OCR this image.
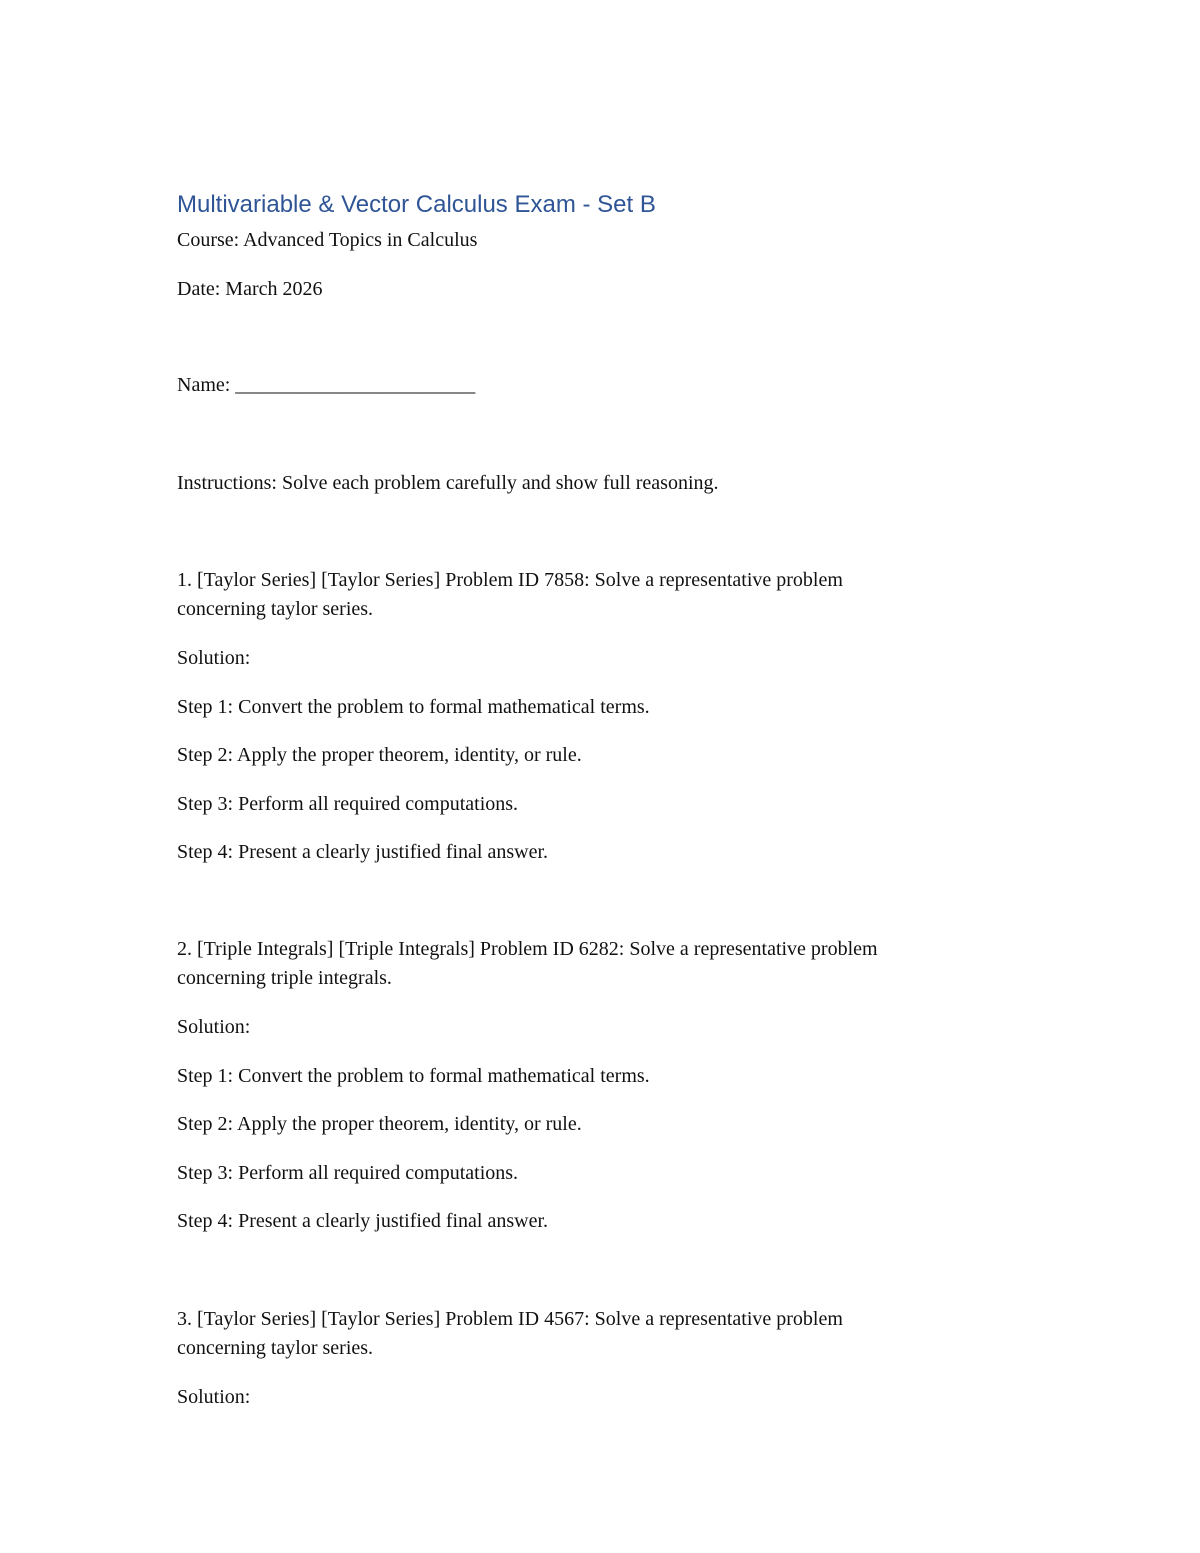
Multivariable & Vector Calculus Exam - Set B

Course: Advanced Topics in Calculus

Date: March 2026

Name: ________________________

Instructions: Solve each problem carefully and show full reasoning.

1. [Taylor Series] [Taylor Series] Problem ID 7858: Solve a representative problem

concerning taylor series.

Solution:

Step 1: Convert the problem to formal mathematical terms.

Step 2: Apply the proper theorem, identity, or rule.

Step 3: Perform all required computations.

Step 4: Present a clearly justified final answer.

2. [Triple Integrals] [Triple Integrals] Problem ID 6282: Solve a representative problem

concerning triple integrals.

Solution:

Step 1: Convert the problem to formal mathematical terms.

Step 2: Apply the proper theorem, identity, or rule.

Step 3: Perform all required computations.

Step 4: Present a clearly justified final answer.

3. [Taylor Series] [Taylor Series] Problem ID 4567: Solve a representative problem

concerning taylor series.

Solution:
